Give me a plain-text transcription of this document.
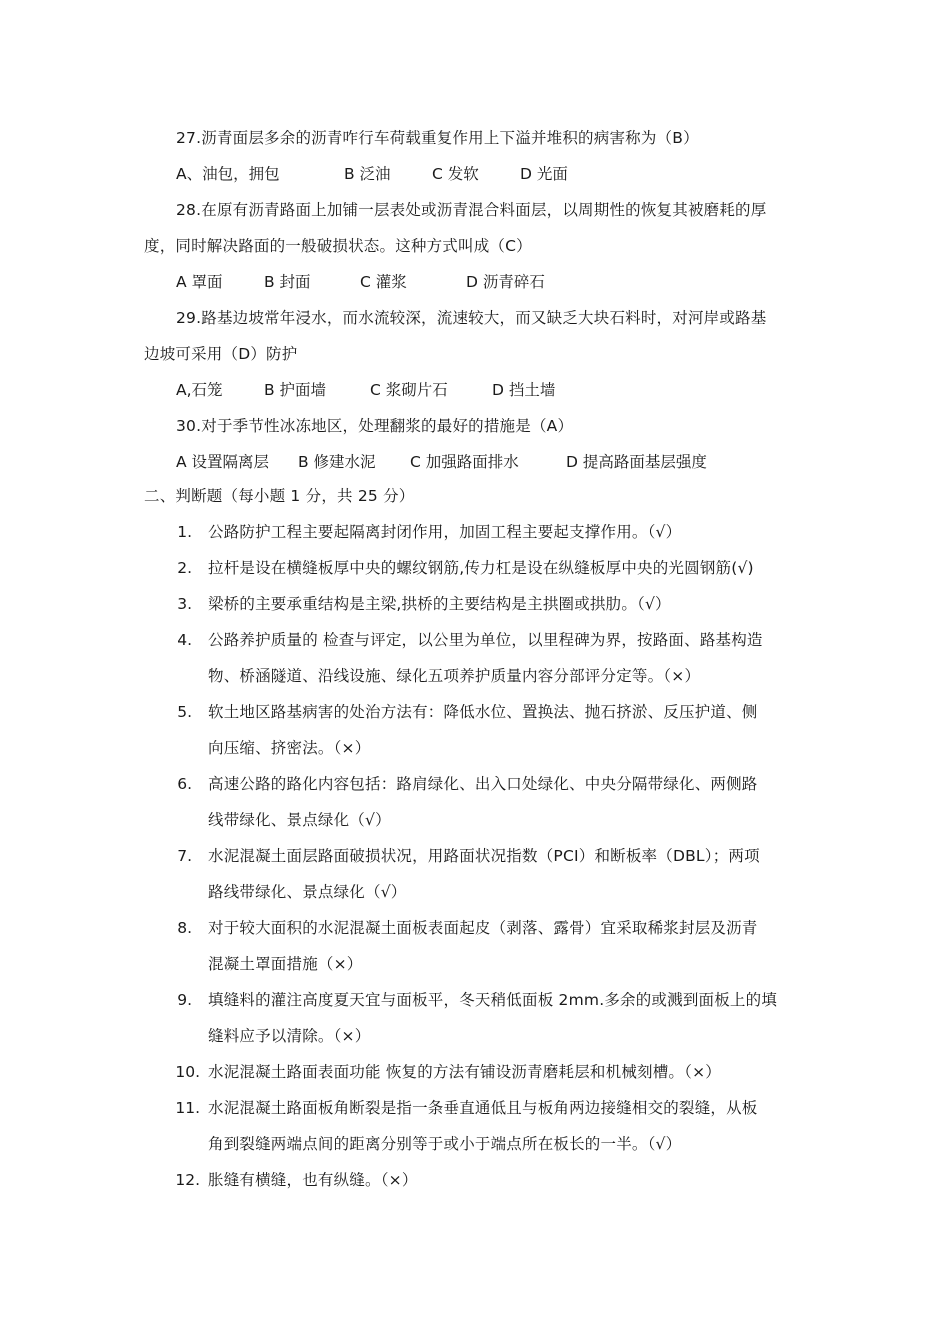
27.沥青面层多余的沥青咋行车荷载重复作用上下溢并堆积的病害称为（B）
A、油包，拥包	B 泛油	C 发软	D 光面
28.在原有沥青路面上加铺一层表处或沥青混合料面层，以周期性的恢复其被磨耗的厚
度，同时解决路面的一般破损状态。这种方式叫成（C）
A 罩面	B 封面	C 灌浆	D 沥青碎石
29.路基边坡常年浸水，而水流较深，流速较大，而又缺乏大块石料时，对河岸或路基
边坡可采用（D）防护
A,石笼	B 护面墙	C 浆砌片石	D 挡土墙
30.对于季节性冰冻地区，处理翻浆的最好的措施是（A）
A 设置隔离层 B 修建水泥 C 加强路面排水	D 提高路面基层强度
二、判断题（每小题 1 分，共 25 分）
1. 公路防护工程主要起隔离封闭作用，加固工程主要起支撑作用。（√）
2. 拉杆是设在横缝板厚中央的螺纹钢筋,传力杠是设在纵缝板厚中央的光圆钢筋(√)
3. 梁桥的主要承重结构是主梁,拱桥的主要结构是主拱圈或拱肋。（√）
4. 公路养护质量的 检查与评定，以公里为单位，以里程碑为界，按路面、路基构造
物、桥涵隧道、沿线设施、绿化五项养护质量内容分部评分定等。（×）
5. 软土地区路基病害的处治方法有：降低水位、置换法、抛石挤淤、反压护道、侧
向压缩、挤密法。（×）
6. 高速公路的路化内容包括：路肩绿化、出入口处绿化、中央分隔带绿化、两侧路
线带绿化、景点绿化（√）
7. 水泥混凝土面层路面破损状况，用路面状况指数（PCI）和断板率（DBL）；两项
路线带绿化、景点绿化（√）
8. 对于较大面积的水泥混凝土面板表面起皮（剥落、露骨）宜采取稀浆封层及沥青
混凝土罩面措施（×）
9. 填缝料的灌注高度夏天宜与面板平，冬天稍低面板 2mm.多余的或溅到面板上的填
缝料应予以清除。（×）
10. 水泥混凝土路面表面功能 恢复的方法有铺设沥青磨耗层和机械刻槽。（×）
11. 水泥混凝土路面板角断裂是指一条垂直通低且与板角两边接缝相交的裂缝，从板
角到裂缝两端点间的距离分别等于或小于端点所在板长的一半。（√）
12. 胀缝有横缝，也有纵缝。（×）
